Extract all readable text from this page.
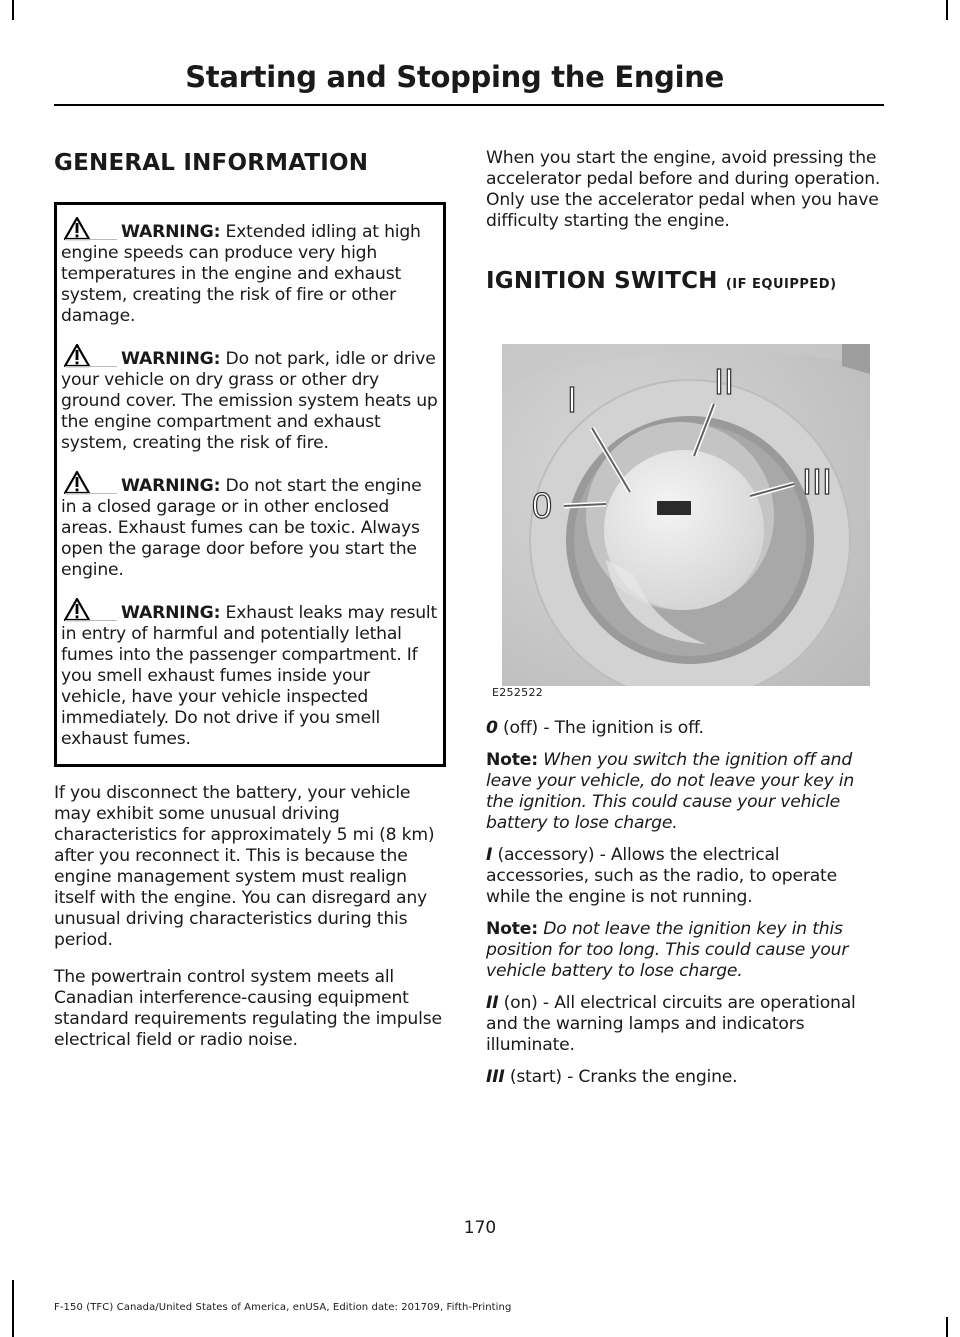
Starting and Stopping the Engine
GENERAL INFORMATION
WARNING: Extended idling at high engine speeds can produce very high temperatures in the engine and exhaust system, creating the risk of fire or other damage.
WARNING: Do not park, idle or drive your vehicle on dry grass or other dry ground cover. The emission system heats up the engine compartment and exhaust system, creating the risk of fire.
WARNING: Do not start the engine in a closed garage or in other enclosed areas. Exhaust fumes can be toxic. Always open the garage door before you start the engine.
WARNING: Exhaust leaks may result in entry of harmful and potentially lethal fumes into the passenger compartment. If you smell exhaust fumes inside your vehicle, have your vehicle inspected immediately. Do not drive if you smell exhaust fumes.

If you disconnect the battery, your vehicle may exhibit some unusual driving characteristics for approximately 5 mi (8 km) after you reconnect it. This is because the engine management system must realign itself with the engine. You can disregard any unusual driving characteristics during this period.

The powertrain control system meets all Canadian interference-causing equipment standard requirements regulating the impulse electrical field or radio noise.

When you start the engine, avoid pressing the accelerator pedal before and during operation. Only use the accelerator pedal when you have difficulty starting the engine.

IGNITION SWITCH (IF EQUIPPED)
0
I	II
III
E252522

0 (off) - The ignition is off.

Note: When you switch the ignition off and leave your vehicle, do not leave your key in the ignition. This could cause your vehicle battery to lose charge.

I (accessory) - Allows the electrical accessories, such as the radio, to operate while the engine is not running.

Note: Do not leave the ignition key in this position for too long. This could cause your vehicle battery to lose charge.

II (on) - All electrical circuits are operational and the warning lamps and indicators illuminate.

III (start) - Cranks the engine.

170
F-150 (TFC) Canada/United States of America, enUSA, Edition date: 201709, Fifth-Printing
